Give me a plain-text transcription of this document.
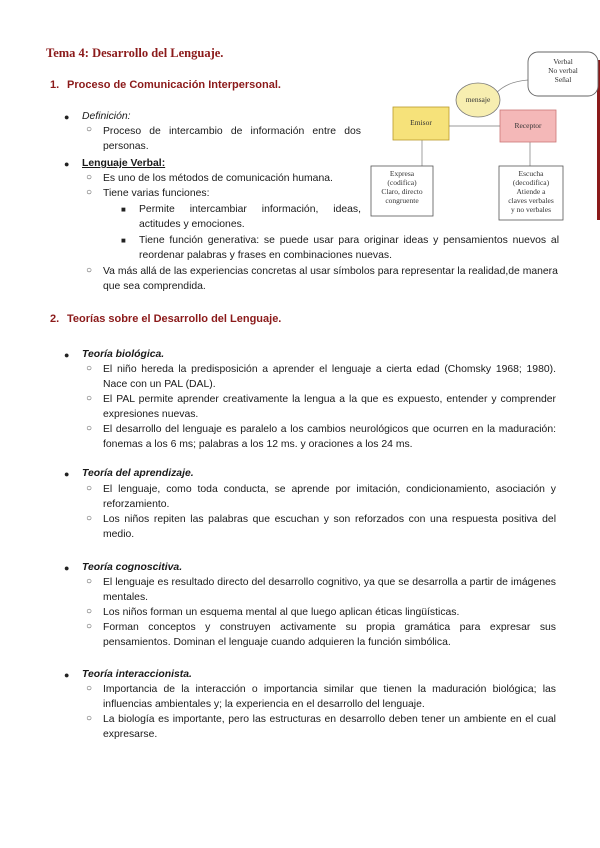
Tema 4: Desarrollo del Lenguaje.
1. Proceso de Comunicación Interpersonal.
● Definición:
○ Proceso de intercambio de información entre dos personas.
● Lenguaje Verbal:
○ Es uno de los métodos de comunicación humana.
○ Tiene varias funciones:
■ Permite intercambiar información, ideas, actitudes y emociones.
■ Tiene función generativa: se puede usar para originar ideas y pensamientos nuevos al reordenar palabras y frases en combinaciones nuevas.
○ Va más allá de las experiencias concretas al usar símbolos para representar la realidad,de manera que sea comprendida.
Verbal
No verbal
Señal
mensaje
Emisor	Receptor
Expresa
(codifica)
Claro, directo
congruente
Escucha
(decodifica)
Atiende a
claves verbales
y no verbales
2. Teorías sobre el Desarrollo del Lenguaje.
● Teoría biológica.
○ El niño hereda la predisposición a aprender el lenguaje a cierta edad (Chomsky 1968; 1980). Nace con un PAL (DAL).
○ El PAL permite aprender creativamente la lengua a la que es expuesto, entender y comprender expresiones nuevas.
○ El desarrollo del lenguaje es paralelo a los cambios neurológicos que ocurren en la maduración: fonemas a los 6 ms; palabras a los 12 ms. y oraciones a los 24 ms.
● Teoría del aprendizaje.
○ El lenguaje, como toda conducta, se aprende por imitación, condicionamiento, asociación y reforzamiento.
○ Los niños repiten las palabras que escuchan y son reforzados con una respuesta positiva del medio.
● Teoría cognoscitiva.
○ El lenguaje es resultado directo del desarrollo cognitivo, ya que se desarrolla a partir de imágenes mentales.
○ Los niños forman un esquema mental al que luego aplican éticas lingüísticas.
○ Forman conceptos y construyen activamente su propia gramática para expresar sus pensamientos. Dominan el lenguaje cuando adquieren la función simbólica.
● Teoría interaccionista.
○ Importancia de la interacción o importancia similar que tienen la maduración biológica; las influencias ambientales y; la experiencia en el desarrollo del lenguaje.
○ La biología es importante, pero las estructuras en desarrollo deben tener un ambiente en el cual expresarse.
